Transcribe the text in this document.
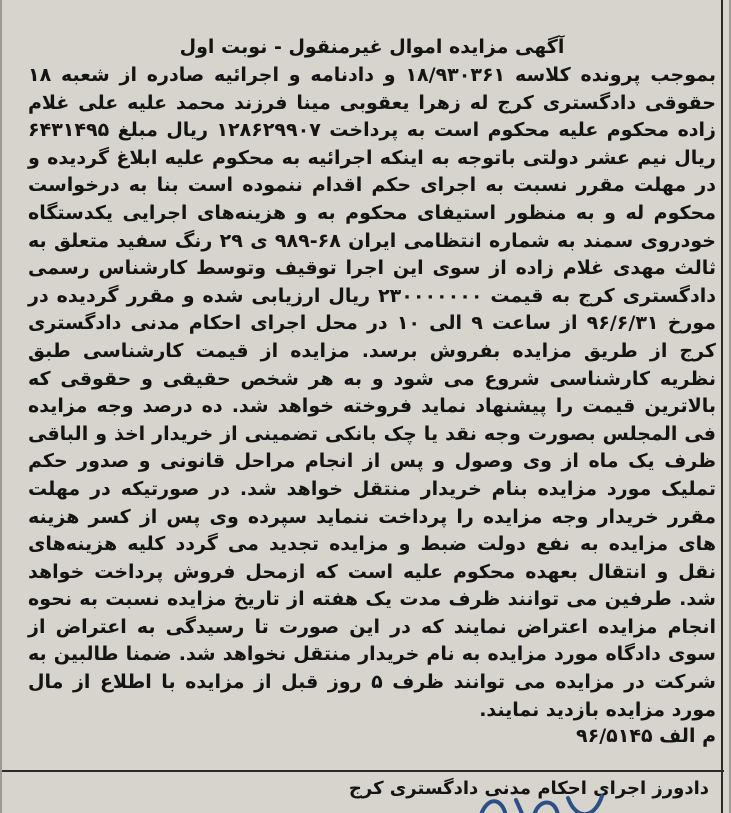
آگهی مزایده اموال غیرمنقول - نوبت اول

بموجب پرونده کلاسه ۱۸/۹۳۰۳۶۱ و دادنامه و اجرائیه صادره از شعبه ۱۸ حقوقی دادگستری کرج له زهرا یعقوبی مینا فرزند محمد علیه علی غلام زاده محکوم علیه محکوم است به پرداخت ۱۲۸۶۲۹۹۰۷ ریال مبلغ ۶۴۳۱۴۹۵ ریال نیم عشر دولتی باتوجه به اینکه اجرائیه به محکوم علیه ابلاغ گردیده و در مهلت مقرر نسبت به اجرای حکم اقدام ننموده است بنا به درخواست محکوم له و به منظور استیفای محکوم به و هزینه‌های اجرایی یکدستگاه خودروی سمند به شماره انتظامی ایران ۶۸-۹۸۹ ی ۲۹ رنگ سفید متعلق به ثالث مهدی غلام زاده از سوی این اجرا توقیف وتوسط کارشناس رسمی دادگستری کرج به قیمت ۲۳۰۰۰۰۰۰۰ ریال ارزیابی شده و مقرر گردیده در مورخ ۹۶/۶/۳۱ از ساعت ۹ الی ۱۰ در محل اجرای احکام مدنی دادگستری کرج از طریق مزایده بفروش برسد. مزایده از قیمت کارشناسی طبق نظریه کارشناسی شروع می شود و به هر شخص حقیقی و حقوقی که بالاترین قیمت را پیشنهاد نماید فروخته خواهد شد. ده درصد وجه مزایده فی المجلس بصورت وجه نقد یا چک بانکی تضمینی از خریدار اخذ و الباقی ظرف یک ماه از وی وصول و پس از انجام مراحل قانونی و صدور حکم تملیک مورد مزایده بنام خریدار منتقل خواهد شد. در صورتیکه در مهلت مقرر خریدار وجه مزایده را پرداخت ننماید سپرده وی پس از کسر هزینه های مزایده به نفع دولت ضبط و مزایده تجدید می گردد کلیه هزینه‌های نقل و انتقال بعهده محکوم علیه است که ازمحل فروش پرداخت خواهد شد. طرفین می توانند ظرف مدت یک هفته از تاریخ مزایده نسبت به نحوه انجام مزایده اعتراض نمایند که در این صورت تا رسیدگی به اعتراض از سوی دادگاه مورد مزایده به نام خریدار منتقل نخواهد شد. ضمنا طالبین به شرکت در مزایده می توانند ظرف ۵ روز قبل از مزایده با اطلاع از مال مورد مزایده بازدید نمایند.

م الف ۹۶/۵۱۴۵

دادورز اجرای احکام مدنی دادگستری کرج
